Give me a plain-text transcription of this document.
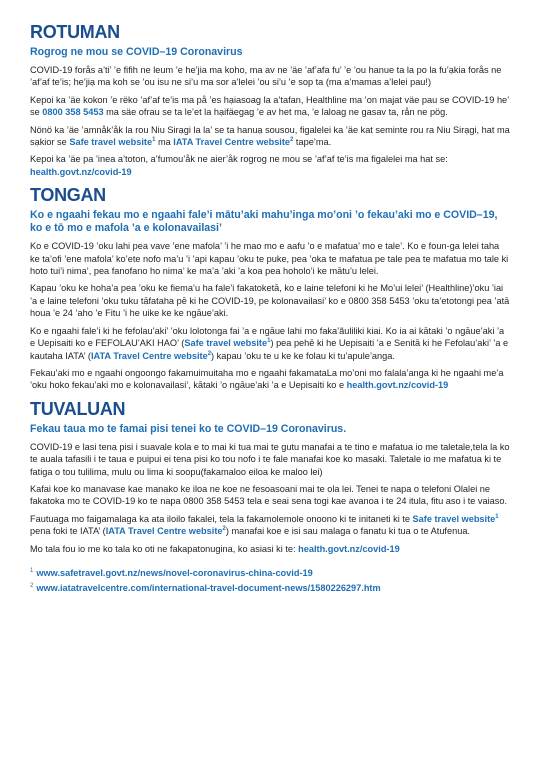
ROTUMAN
Rogrog ne mou se COVID–19 Coronavirus

COVID-19 forås a’ti’ ’e fifih ne leum ’e he’jia ma koho, ma av ne ’äe ’af’afa fu’ ’e ’ou hanue ta la po la fu’ạkia forås ne ’af’af te’is; he’jiạ ma koh se ’ou isu ne si’u ma sor a’lelei ’ou si’u ’e sop ta (ma a’mamas a’lelei pau!)

Kepoi ka ’äe kokon ’e rëko ’af’af te’is ma på ’es hạiasoag la a’tafan, Healthline ma ’on majat väe pau se COVID-19 he’ se 0800 358 5453 ma säe ofrau se ta le’et la hạifäegag ’e av het ma, ’e laloag ne gasav ta, rån ne pög.

Nönö ka ’äe ’amnåk’åk la rou Niu Sirạgi la la’ se ta hanuạ sousou, figalelei ka ’äe kat seminte rou ra Niu Sirạgi, hat ma sạkior se Safe travel website$^1$ ma IATA Travel Centre website$^2$ tape’ma.

Kepoi ka ’äe pa ’inea a’toton, a’fumou’åk ne aier’åk rogrog ne mou se ’af’af te’is ma figalelei ma hat se:
health.govt.nz/covid-19

TONGAN
Ko e ngaahi fekau mo e ngaahi fale’i mātu’aki mahu’inga mo’oni ’o fekau’aki mo e COVID–19, ko e tō mo e mafola ’a e kolonavailasi’

Ko e COVID-19 ’oku lahi pea vave ’ene mafola’ ’i he mao mo e aafu ’o e mafatua’ mo e tale’. Ko e foun-ga lelei taha ke ta’ofi ’ene mafola’ ko’ete nofo ma’u ’i ’api kapau ’oku te puke, pea ’oka te mafatua pe tale pea te mafatua mo tale ki hoto tui’i nima’, pea fanofano ho nima’ ke ma’a ’aki ’a koa pea hoholo’i ke mātu’u lelei.

Kapau ’oku ke hoha’a pea ’oku ke fiema’u ha fale’i fakatoketā, ko e laine telefoni ki he Mo’ui lelei’ (Healthline)’oku ’iai ’a e laine telefoni ’oku tuku tāfataha pē ki he COVID-19, pe kolonavailasi’ ko e 0800 358 5453 ’oku ta’etotongi pea ’atā houa ’e 24 ’aho ’e Fitu ’i he uike ke ke ngāue’aki.

Ko e ngaahi fale’i ki he fefolau’aki’ ’oku lolotonga fai ’a e ngāue lahi mo faka’ãuliliki kiai. Ko ia ai kātaki ’o ngāue’aki ’a e Uepisaiti ko e FEFOLAU’AKI HAO’ (Safe travel website$^1$) pea pehē ki he Uepisaiti ’a e Senitā ki he Fefolau’aki’ ’a e kautaha IATA’ (IATA Travel Centre website$^2$) kapau ’oku te u ke ke folau ki tu’apule’anga.

Fekau’aki mo e ngaahi ongoongo fakamuimuitaha mo e ngaahi fakamataLa mo’oni mo falala’anga ki he ngaahi me’a ’oku hoko fekau’aki mo e kolonavailasi’, kātaki ’o ngāue’aki ’a e Uepisaiti ko e health.govt.nz/covid-19

TUVALUAN
Fekau taua mo te famai pisi tenei ko te COVID–19 Coronavirus.

COVID-19 e lasi tena pisi i suavale kola e to mai ki tua mai te gutu manafai a te tino e mafatua io me taletale,tela la ko te auala tafasili i te taua e puipui ei tena pisi ko tou nofo i te fale manafai koe ko masaki. Taletale io me mafatua ki te fatiga o tou tulilima, mulu ou lima ki soopu(fakamaloo eiloa ke maloo lei)

Kafai koe ko manavase kae manako ke iloa ne koe ne fesoasoani mai te ola lei. Tenei te napa o telefoni Olalei ne fakatoka mo te COVID-19 ko te napa 0800 358 5453 tela e seai sena togi kae avanoa i te 24 itula, fitu aso i te vaiaso.

Fautuaga mo faigamalaga ka ata iloilo fakalei, tela la fakamolemole onoono ki te initaneti ki te Safe travel website$^1$ pena foki te IATA’ (IATA Travel Centre website$^2$) manafai koe e isi sau malaga o fanatu ki tua o te Atufenua.

Mo tala fou io me ko tala ko oti ne fakapatonugina, ko asiasi ki te: health.govt.nz/covid-19

$^1$ www.safetravel.govt.nz/news/novel-coronavirus-china-covid-19

$^2$ www.iatatravelcentre.com/international-travel-document-news/1580226297.htm
